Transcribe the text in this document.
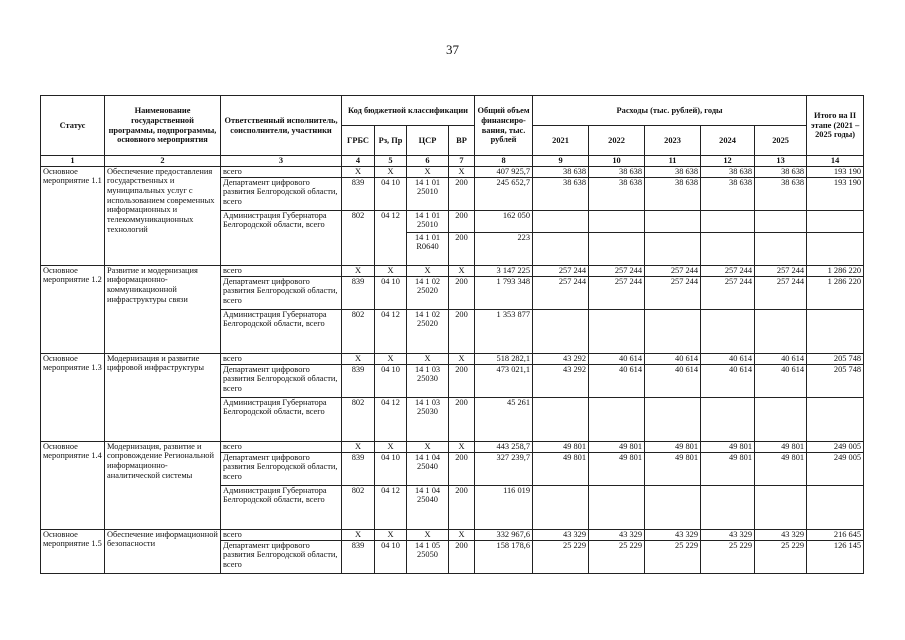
37
Статус	Наименование государственной программы, подпрограммы, основного мероприятия	Ответственный исполнитель, соисполнители, участники	Код бюджетной классификации				Общий объем финансиро-вания, тыс. рублей	Расходы (тыс. рублей), годы					Итого на II этапе (2021 – 2025 годы)
			ГРБС	Рз, Пр	ЦСР	ВР		2021	2022	2023	2024	2025	
1	2	3	4	5	6	7	8	9	10	11	12	13	14
Основное мероприятие 1.1	Обеспечение предоставления государственных и муниципальных услуг с использованием современных информационных и телекоммуникационных технологий	всего	Х	Х	Х	Х	407 925,7	38 638	38 638	38 638	38 638	38 638	193 190
		Департамент цифрового развития Белгородской области, всего	839	04 10	14 1 01 25010	200	245 652,7	38 638	38 638	38 638	38 638	38 638	193 190
		Администрация Губернатора Белгородской области, всего	802	04 12	14 1 01 25010	200	162 050						
					14 1 01 R0640	200	223						
Основное мероприятие 1.2	Развитие и модернизация информационно-коммуникационной инфраструктуры связи	всего	Х	Х	Х	Х	3 147 225	257 244	257 244	257 244	257 244	257 244	1 286 220
		Департамент цифрового развития Белгородской области, всего	839	04 10	14 1 02 25020	200	1 793 348	257 244	257 244	257 244	257 244	257 244	1 286 220
		Администрация Губернатора Белгородской области, всего	802	04 12	14 1 02 25020	200	1 353 877						
Основное мероприятие 1.3	Модернизация и развитие цифровой инфраструктуры	всего	Х	Х	Х	Х	518 282,1	43 292	40 614	40 614	40 614	40 614	205 748
		Департамент цифрового развития Белгородской области, всего	839	04 10	14 1 03 25030	200	473 021,1	43 292	40 614	40 614	40 614	40 614	205 748
		Администрация Губернатора Белгородской области, всего	802	04 12	14 1 03 25030	200	45 261						
Основное мероприятие 1.4	Модернизация, развитие и сопровождение Региональной информационно-аналитической системы	всего	Х	Х	Х	Х	443 258,7	49 801	49 801	49 801	49 801	49 801	249 005
		Департамент цифрового развития Белгородской области, всего	839	04 10	14 1 04 25040	200	327 239,7	49 801	49 801	49 801	49 801	49 801	249 005
		Администрация Губернатора Белгородской области, всего	802	04 12	14 1 04 25040	200	116 019						
Основное мероприятие 1.5	Обеспечение информационной безопасности	всего	Х	Х	Х	Х	332 967,6	43 329	43 329	43 329	43 329	43 329	216 645
		Департамент цифрового развития Белгородской области, всего	839	04 10	14 1 05 25050	200	158 178,6	25 229	25 229	25 229	25 229	25 229	126 145
